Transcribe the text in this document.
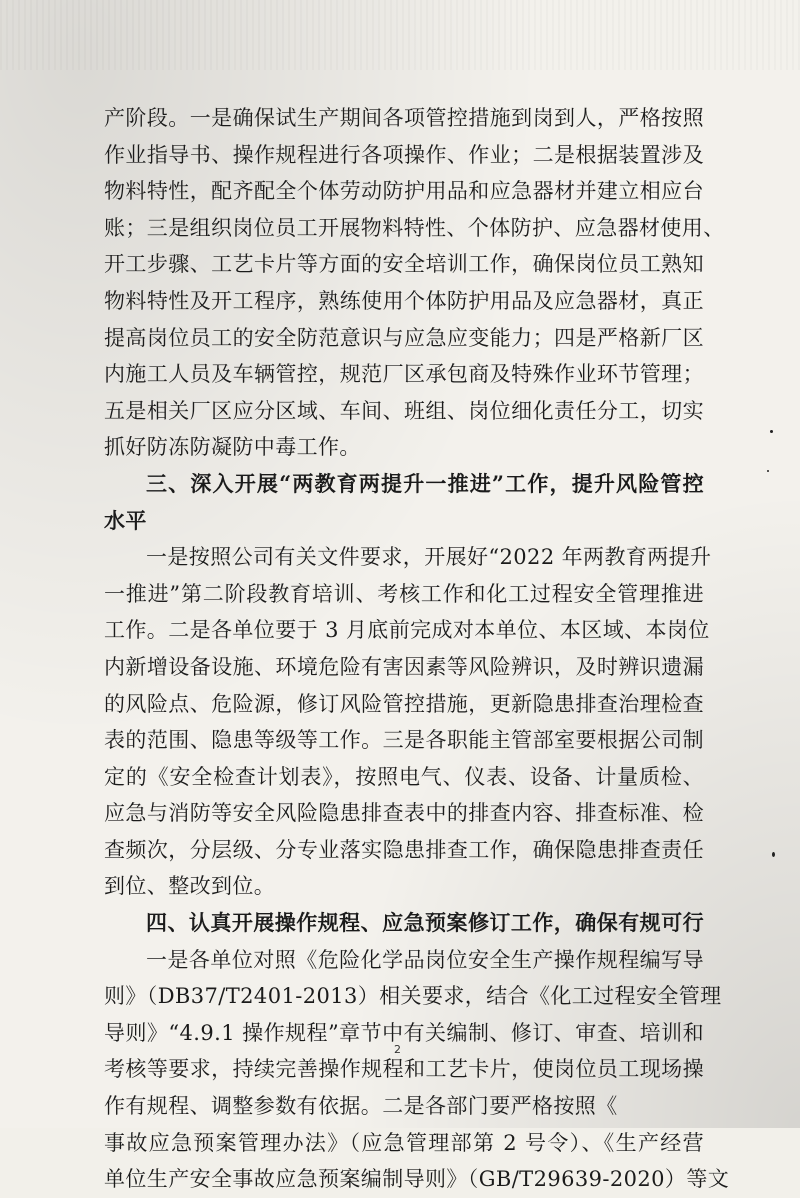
产阶段。一是确保试生产期间各项管控措施到岗到人，严格按照
作业指导书、操作规程进行各项操作、作业；二是根据装置涉及
物料特性，配齐配全个体劳动防护用品和应急器材并建立相应台
账；三是组织岗位员工开展物料特性、个体防护、应急器材使用、
开工步骤、工艺卡片等方面的安全培训工作，确保岗位员工熟知
物料特性及开工程序，熟练使用个体防护用品及应急器材，真正
提高岗位员工的安全防范意识与应急应变能力；四是严格新厂区
内施工人员及车辆管控，规范厂区承包商及特殊作业环节管理；
五是相关厂区应分区域、车间、班组、岗位细化责任分工，切实
抓好防冻防凝防中毒工作。
三、深入开展“两教育两提升一推进”工作，提升风险管控
水平
一是按照公司有关文件要求，开展好“2022 年两教育两提升
一推进”第二阶段教育培训、考核工作和化工过程安全管理推进
工作。二是各单位要于 3 月底前完成对本单位、本区域、本岗位
内新增设备设施、环境危险有害因素等风险辨识，及时辨识遗漏
的风险点、危险源，修订风险管控措施，更新隐患排查治理检查
表的范围、隐患等级等工作。三是各职能主管部室要根据公司制
定的《安全检查计划表》，按照电气、仪表、设备、计量质检、
应急与消防等安全风险隐患排查表中的排查内容、排查标准、检
查频次，分层级、分专业落实隐患排查工作，确保隐患排查责任
到位、整改到位。
四、认真开展操作规程、应急预案修订工作，确保有规可行
一是各单位对照《危险化学品岗位安全生产操作规程编写导
则》（DB37/T2401-2013）相关要求，结合《化工过程安全管理
导则》“4.9.1 操作规程”章节中有关编制、修订、审查、培训和
考核等要求，持续完善操作规程和工艺卡片，使岗位员工现场操
作有规程、调整参数有依据。二是各部门要严格按照《
事故应急预案管理办法》（应急管理部第 2 号令）、《生产经营
单位生产安全事故应急预案编制导则》（GB/T29639-2020）等文
2
